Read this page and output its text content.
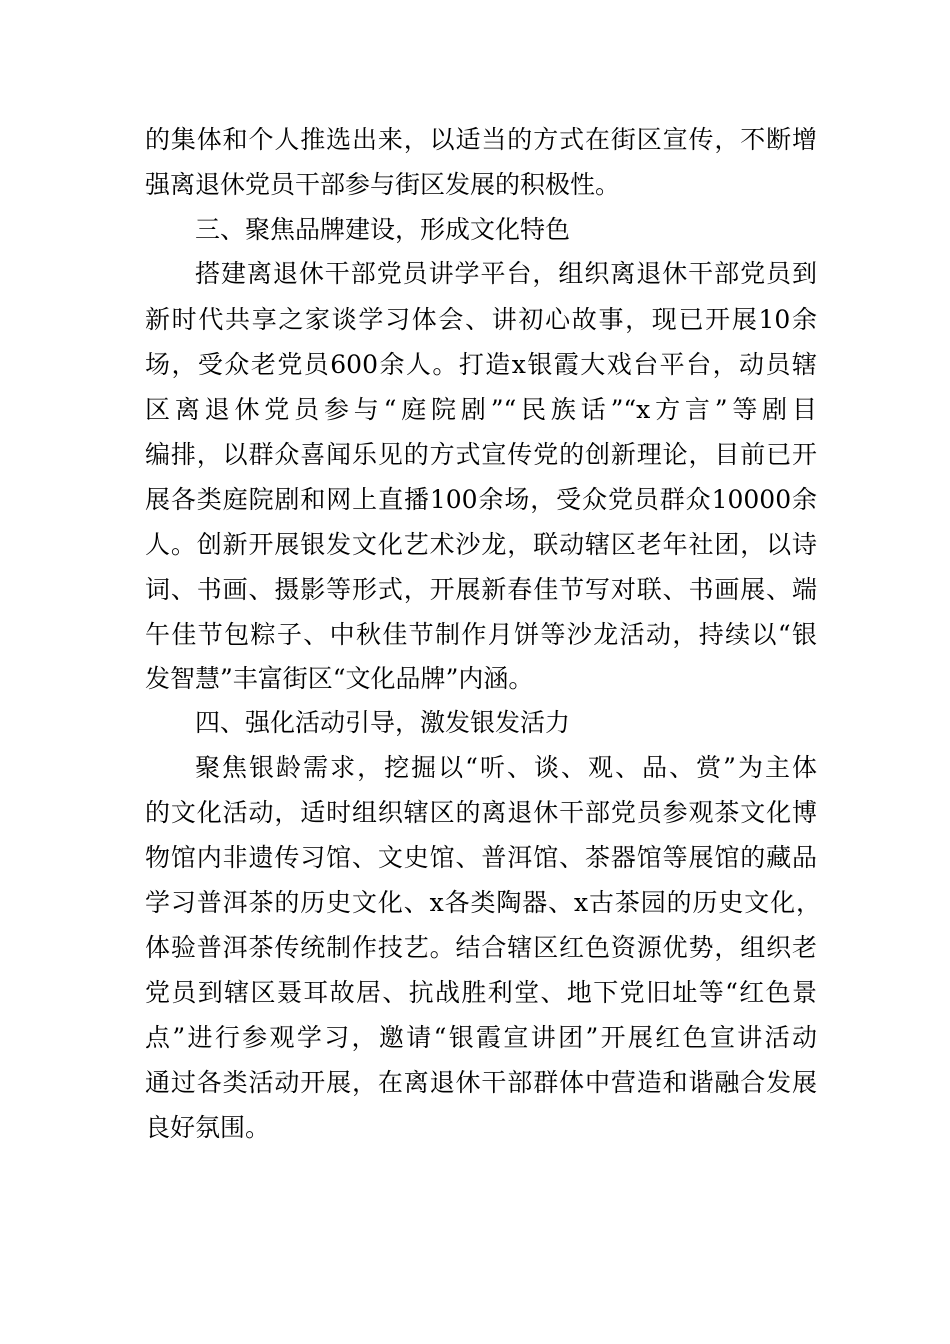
的集体和个人推选出来，以适当的方式在街区宣传，不断增

强离退休党员干部参与街区发展的积极性。

三、聚焦品牌建设，形成文化特色

搭建离退休干部党员讲学平台，组织离退休干部党员到

新时代共享之家谈学习体会、讲初心故事，现已开展10余

场，受众老党员600余人。打造x银霞大戏台平台，动员辖

区离退休党员参与“庭院剧”“民族话”“x方言”等剧目

编排，以群众喜闻乐见的方式宣传党的创新理论，目前已开

展各类庭院剧和网上直播100余场，受众党员群众10000余

人。创新开展银发文化艺术沙龙，联动辖区老年社团，以诗

词、书画、摄影等形式，开展新春佳节写对联、书画展、端

午佳节包粽子、中秋佳节制作月饼等沙龙活动，持续以“银

发智慧”丰富街区“文化品牌”内涵。

四、强化活动引导，激发银发活力

聚焦银龄需求，挖掘以“听、谈、观、品、赏”为主体

的文化活动，适时组织辖区的离退休干部党员参观茶文化博

物馆内非遗传习馆、文史馆、普洱馆、茶器馆等展馆的藏品

学习普洱茶的历史文化、x各类陶器、x古茶园的历史文化，

体验普洱茶传统制作技艺。结合辖区红色资源优势，组织老

党员到辖区聂耳故居、抗战胜利堂、地下党旧址等“红色景

点”进行参观学习，邀请“银霞宣讲团”开展红色宣讲活动

通过各类活动开展，在离退休干部群体中营造和谐融合发展

良好氛围。
